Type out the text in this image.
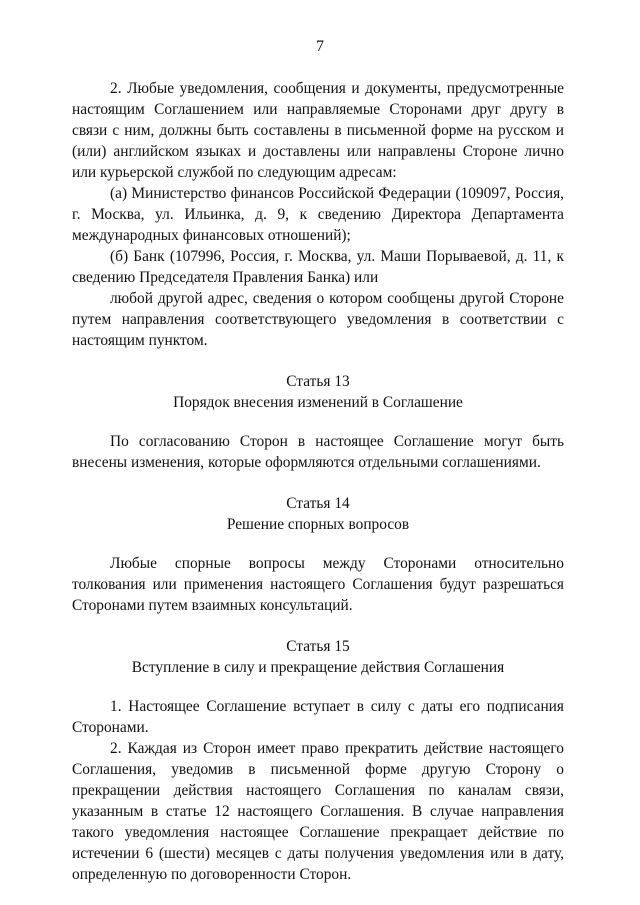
7

2. Любые уведомления, сообщения и документы, предусмотренные настоящим Соглашением или направляемые Сторонами друг другу в связи с ним, должны быть составлены в письменной форме на русском и (или) английском языках и доставлены или направлены Стороне лично или курьерской службой по следующим адресам:

(а) Министерство финансов Российской Федерации (109097, Россия, г. Москва, ул. Ильинка, д. 9, к сведению Директора Департамента международных финансовых отношений);

(б) Банк (107996, Россия, г. Москва, ул. Маши Порываевой, д. 11, к сведению Председателя Правления Банка) или

любой другой адрес, сведения о котором сообщены другой Стороне путем направления соответствующего уведомления в соответствии с настоящим пунктом.

Статья 13

Порядок внесения изменений в Соглашение

По согласованию Сторон в настоящее Соглашение могут быть внесены изменения, которые оформляются отдельными соглашениями.

Статья 14

Решение спорных вопросов

Любые спорные вопросы между Сторонами относительно толкования или применения настоящего Соглашения будут разрешаться Сторонами путем взаимных консультаций.

Статья 15

Вступление в силу и прекращение действия Соглашения

1. Настоящее Соглашение вступает в силу с даты его подписания Сторонами.

2. Каждая из Сторон имеет право прекратить действие настоящего Соглашения, уведомив в письменной форме другую Сторону о прекращении действия настоящего Соглашения по каналам связи, указанным в статье 12 настоящего Соглашения. В случае направления такого уведомления настоящее Соглашение прекращает действие по истечении 6 (шести) месяцев с даты получения уведомления или в дату, определенную по договоренности Сторон.
